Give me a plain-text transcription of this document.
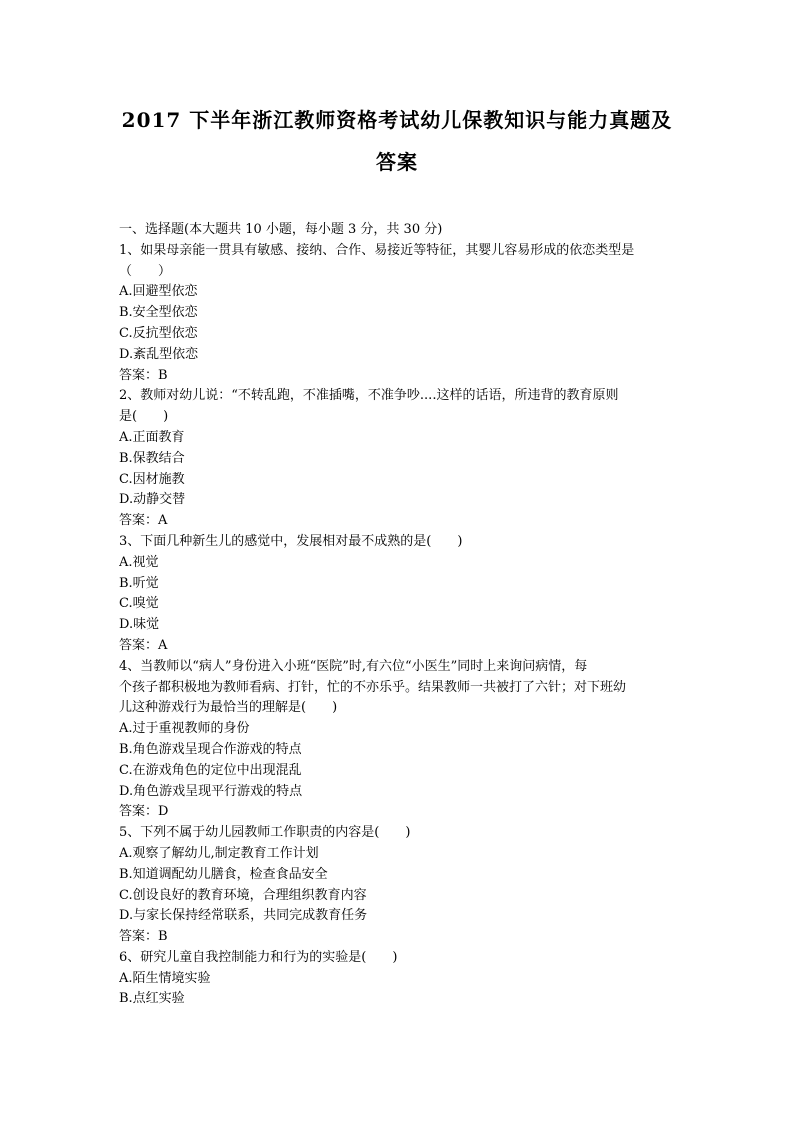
2017 下半年浙江教师资格考试幼儿保教知识与能力真题及
答案
一、选择题(本大题共 10 小题，每小题 3 分，共 30 分)
1、如果母亲能一贯具有敏感、接纳、合作、易接近等特征，其婴儿容易形成的依恋类型是
（　　）
A.回避型依恋
B.安全型依恋
C.反抗型依恋
D.紊乱型依恋
答案：B
2、教师对幼儿说：“不转乱跑，不准插嘴，不准争吵....这样的话语，所违背的教育原则
是(　　)
A.正面教育
B.保教结合
C.因材施教
D.动静交替
答案：A
3、下面几种新生儿的感觉中，发展相对最不成熟的是(　　)
A.视觉
B.听觉
C.嗅觉
D.味觉
答案：A
4、当教师以“病人”身份进入小班“医院”时,有六位“小医生”同时上来询问病情，每
个孩子都积极地为教师看病、打针，忙的不亦乐乎。结果教师一共被打了六针；对下班幼
儿这种游戏行为最恰当的理解是(　　)
A.过于重视教师的身份
B.角色游戏呈现合作游戏的特点
C.在游戏角色的定位中出现混乱
D.角色游戏呈现平行游戏的特点
答案：D
5、下列不属于幼儿园教师工作职责的内容是(　　)
A.观察了解幼儿,制定教育工作计划
B.知道调配幼儿膳食，检查食品安全
C.创设良好的教育环境，合理组织教育内容
D.与家长保持经常联系，共同完成教育任务
答案：B
6、研究儿童自我控制能力和行为的实验是(　　)
A.陌生情境实验
B.点红实验
